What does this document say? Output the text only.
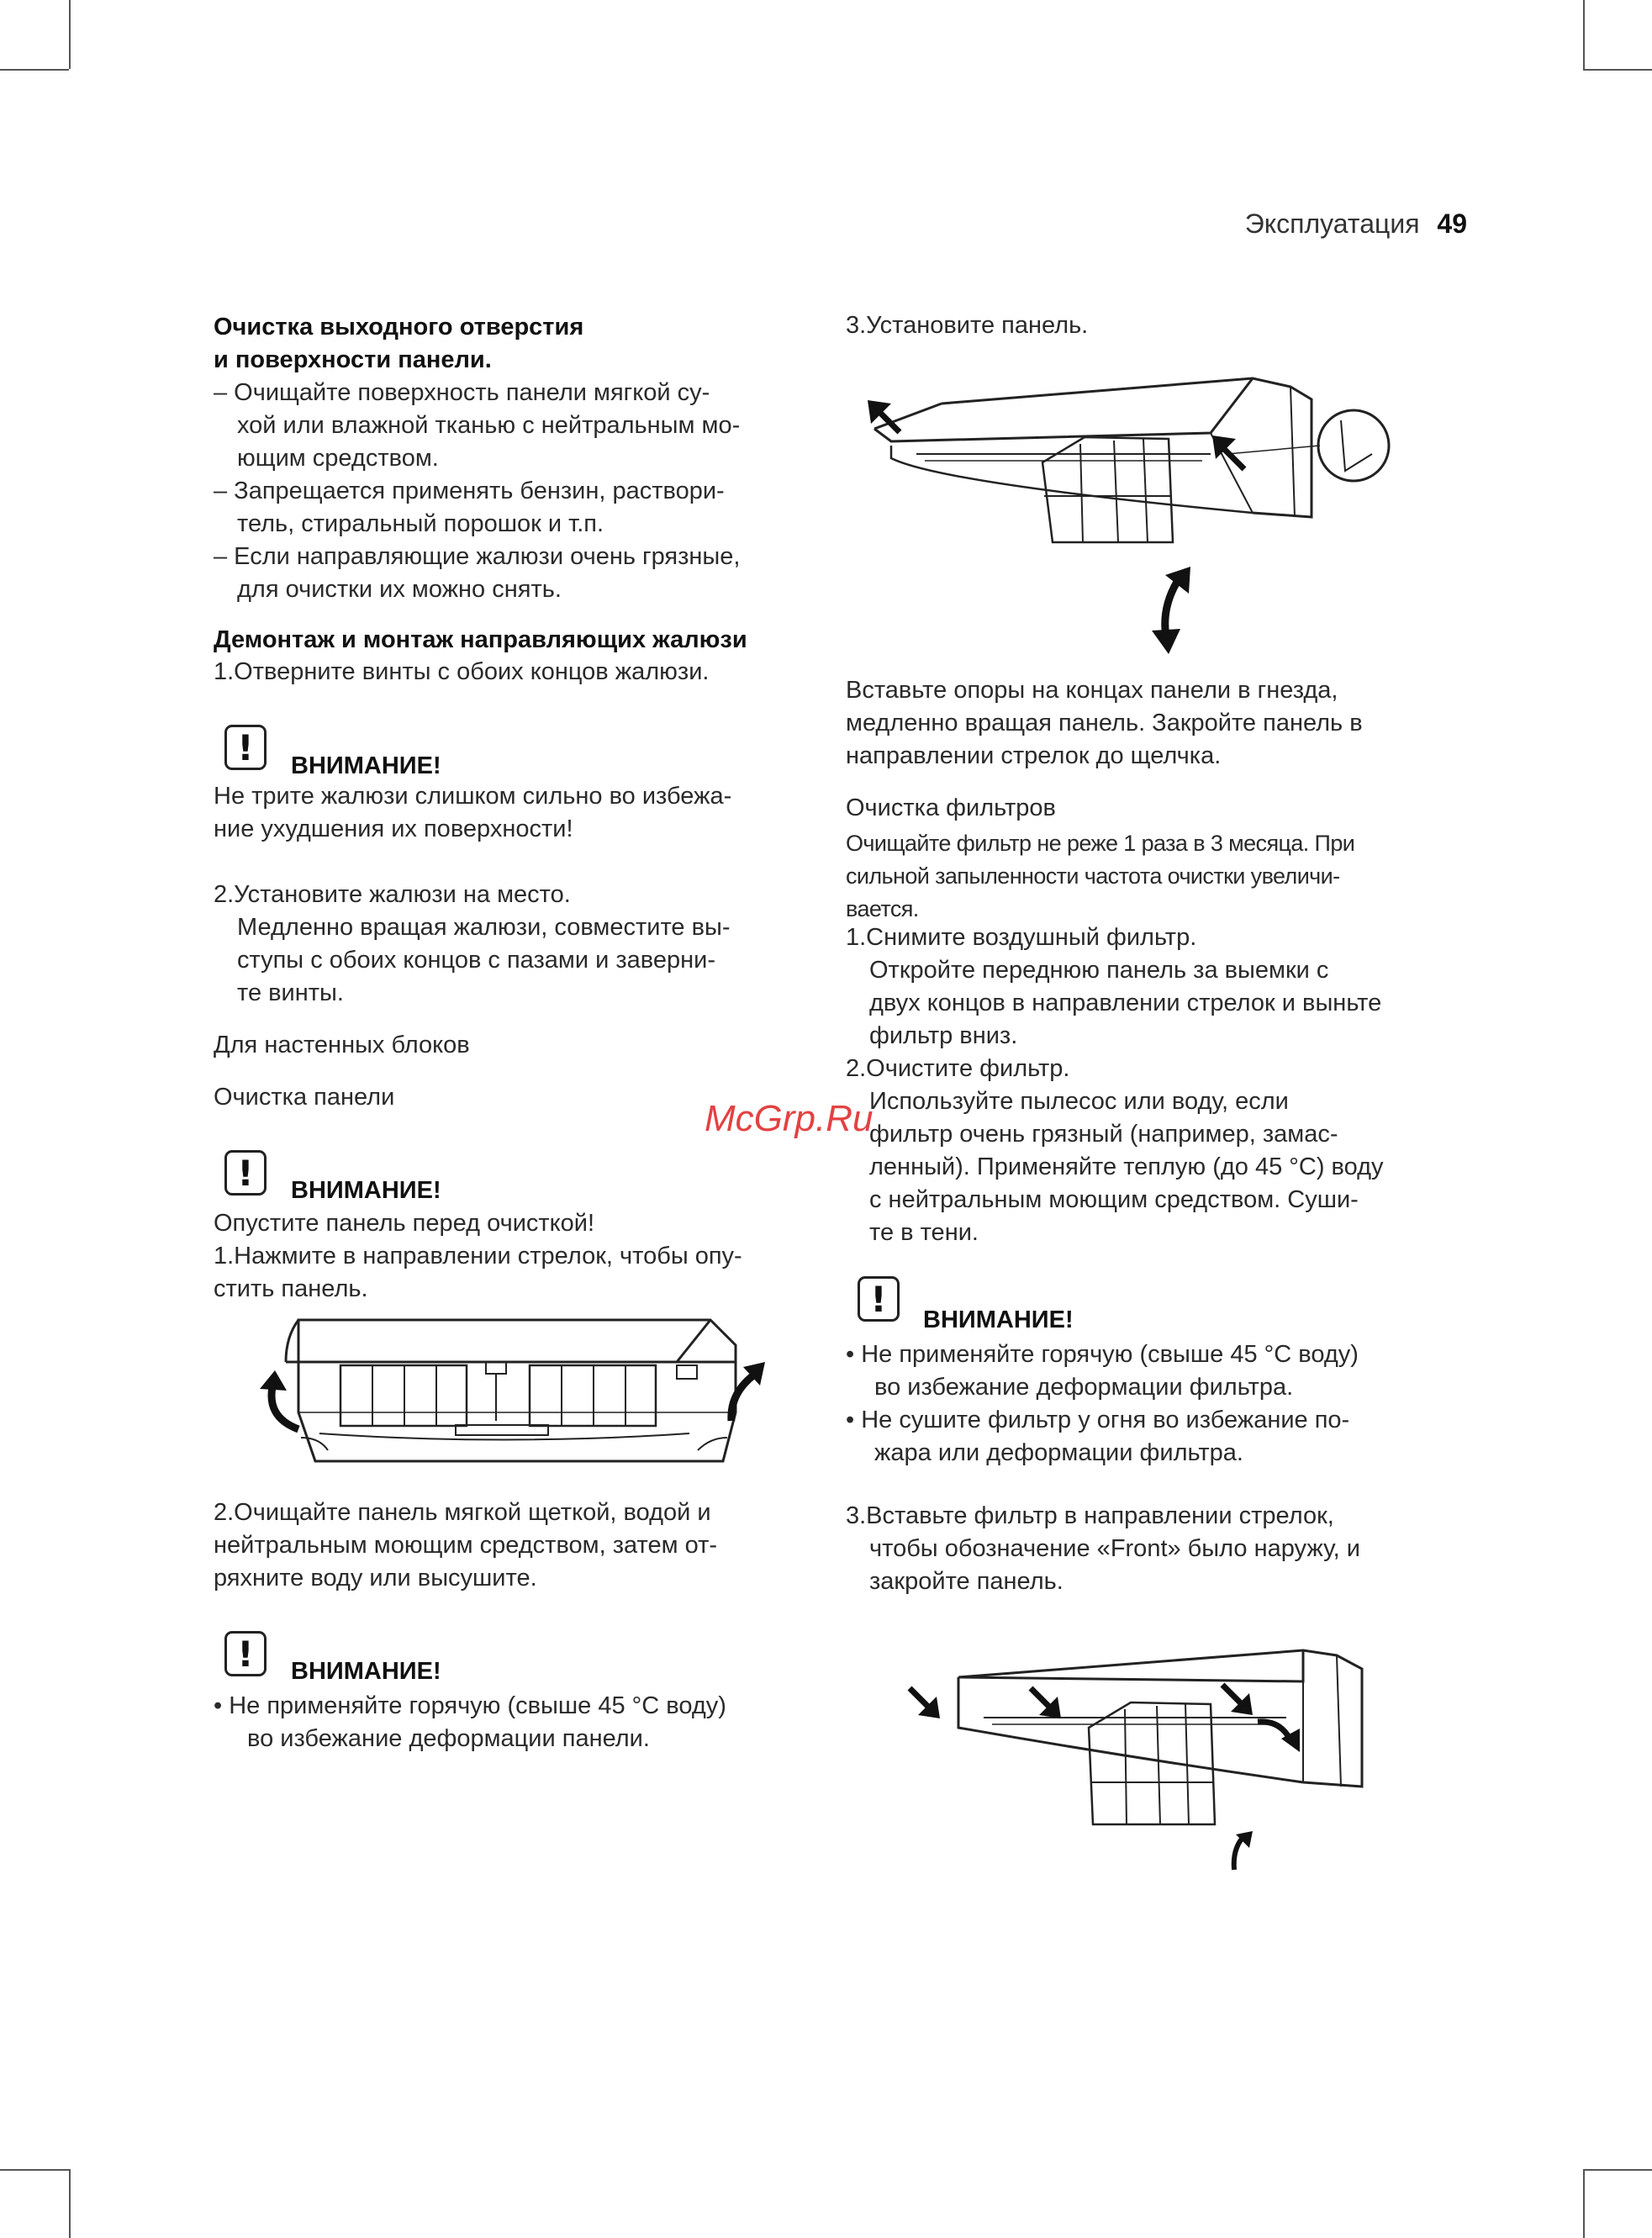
Эксплуатация 49
Очистка выходного отверстия
и поверхности панели.
– Очищайте поверхность панели мягкой су-
хой или влажной тканью с нейтральным мо-
ющим средством.
– Запрещается применять бензин, раствори-
тель, стиральный порошок и т.п.
– Если направляющие жалюзи очень грязные,
для очистки их можно снять.
Демонтаж и монтаж направляющих жалюзи
1.Отверните винты с обоих концов жалюзи.
!	ВНИМАНИЕ!
Не трите жалюзи слишком сильно во избежа-
ние ухудшения их поверхности!
2.Установите жалюзи на место.
Медленно вращая жалюзи, совместите вы-
ступы с обоих концов с пазами и заверни-
те винты.
Для настенных блоков
Очистка панели
!	ВНИМАНИЕ!
Опустите панель перед очисткой!
1.Нажмите в направлении стрелок, чтобы опу-
стить панель.
2.Очищайте панель мягкой щеткой, водой и
нейтральным моющим средством, затем от-
ряхните воду или высушите.
!	ВНИМАНИЕ!
• Не применяйте горячую (свыше 45 °С воду)
во избежание деформации панели.
3.Установите панель.
Вставьте опоры на концах панели в гнезда,
медленно вращая панель. Закройте панель в
направлении стрелок до щелчка.
Очистка фильтров
Очищайте фильтр не реже 1 раза в 3 месяца. При
сильной запыленности частота очистки увеличи-
вается.
1.Снимите воздушный фильтр.
Откройте переднюю панель за выемки с
двух концов в направлении стрелок и выньте
фильтр вниз.
2.Очистите фильтр.
Используйте пылесос или воду, если
фильтр очень грязный (например, замас-
ленный). Применяйте теплую (до 45 °С) воду
с нейтральным моющим средством. Суши-
те в тени.
McGrp.Ru
!
ВНИМАНИЕ!
• Не применяйте горячую (свыше 45 °С воду)
во избежание деформации фильтра.
• Не сушите фильтр у огня во избежание по-
жара или деформации фильтра.
3.Вставьте фильтр в направлении стрелок,
чтобы обозначение «Front» было наружу, и
закройте панель.
